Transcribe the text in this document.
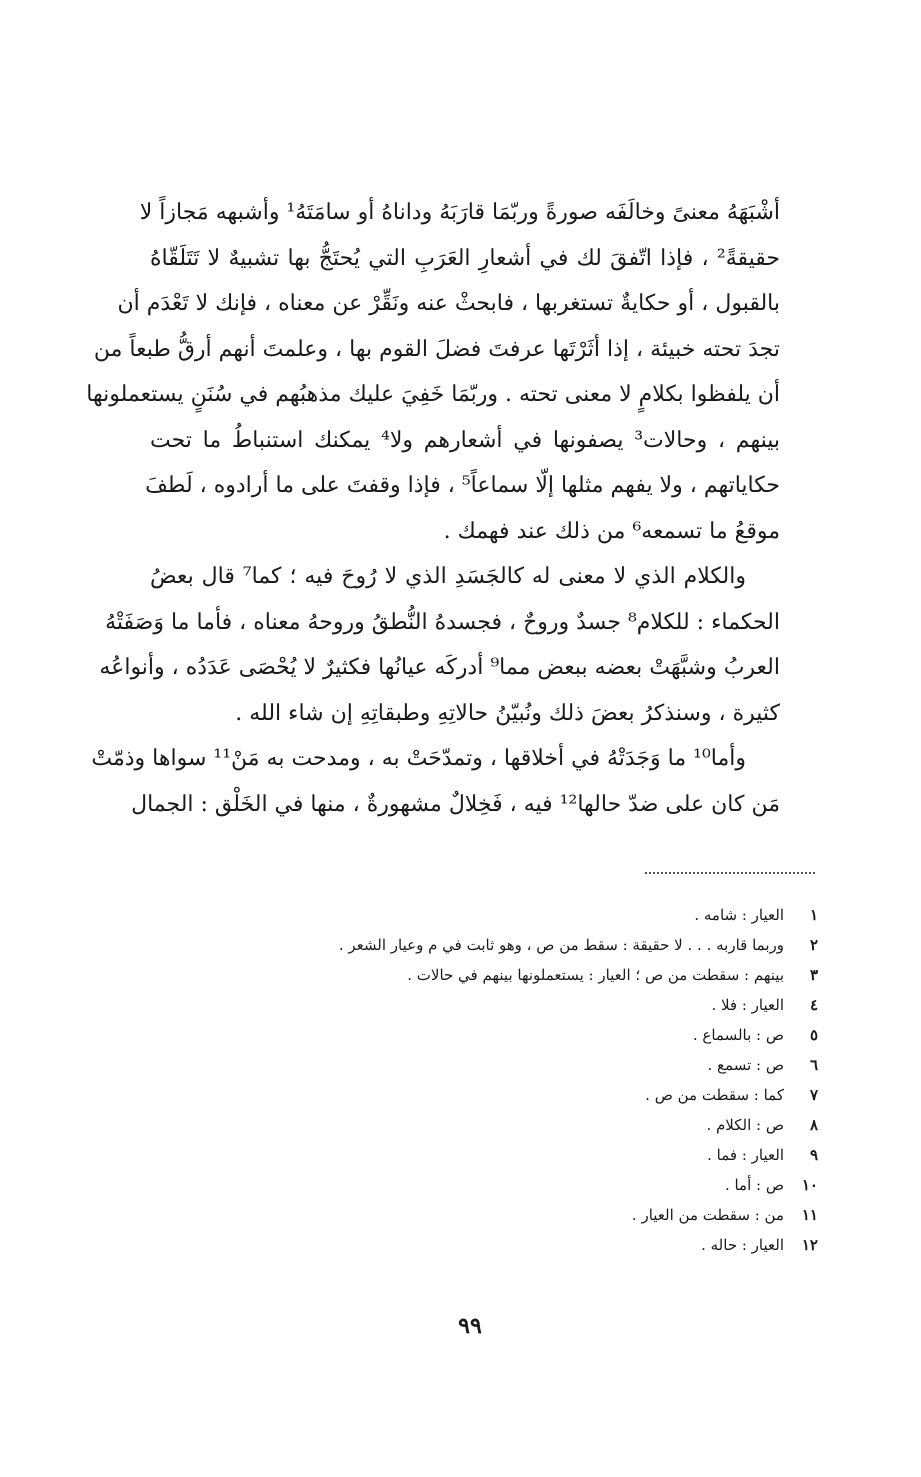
أشْبَهَهُ معنىً وخالَفَه صورةً وربّمَا قارَبَهُ وداناهُ أو سامَتَهُ¹ وأشبهه مَجازاً لا
حقيقةً² ، فإذا اتّفقَ لك في أشعارِ العَرَبِ التي يُحتَجُّ بها تشبيهٌ لا تَتَلَقّاهُ
بالقبول ، أو حكايةٌ تستغربها ، فابحثْ عنه ونَقِّرْ عن معناه ، فإنك لا تَعْدَم أن
تجدَ تحته خبيئة ، إذا أثَرْتَها عرفتَ فضلَ القوم بها ، وعلمتَ أنهم أرقُّ طبعاً من
أن يلفظوا بكلامٍ لا معنى تحته . وربّمَا خَفِيَ عليك مذهبُهم في سُنَنٍ يستعملونها
بينهم ، وحالات³ يصفونها في أشعارهم ولا⁴ يمكنك استنباطُ ما تحت
حكاياتهم ، ولا يفهم مثلها إلّا سماعاً⁵ ، فإذا وقفتَ على ما أرادوه ، لَطفَ
موقعُ ما تسمعه⁶ من ذلك عند فهمك .
والكلام الذي لا معنى له كالجَسَدِ الذي لا رُوحَ فيه ؛ كما⁷ قال بعضُ
الحكماء : للكلام⁸ جسدٌ وروحٌ ، فجسدهُ النُّطقُ وروحهُ معناه ، فأما ما وَصَفَتْهُ
العربُ وشبَّهَتْ بعضه ببعض مما⁹ أدركَه عيانُها فكثيرٌ لا يُحْصَى عَدَدُه ، وأنواعُه
كثيرة ، وسنذكرُ بعضَ ذلك ونُبيّنُ حالاتِهِ وطبقاتِهِ إن شاء الله .
وأما¹⁰ ما وَجَدَتْهُ في أخلاقها ، وتمدّحَتْ به ، ومدحت به مَنْ¹¹ سواها وذمّتْ
مَن كان على ضدّ حالها¹² فيه ، فَخِلالٌ مشهورةٌ ، منها في الخَلْق : الجمال
١العيار : شامه .
٢وربما قاربه . . . لا حقيقة : سقط من ص ، وهو ثابت في م وعيار الشعر .
٣بينهم : سقطت من ص ؛ العيار : يستعملونها بينهم في حالات .
٤العيار : فلا .
٥ص : بالسماع .
٦ص : تسمع .
٧كما : سقطت من ص .
٨ص : الكلام .
٩العيار : فما .
١٠ص : أما .
١١من : سقطت من العيار .
١٢العيار : حاله .
٩٩
